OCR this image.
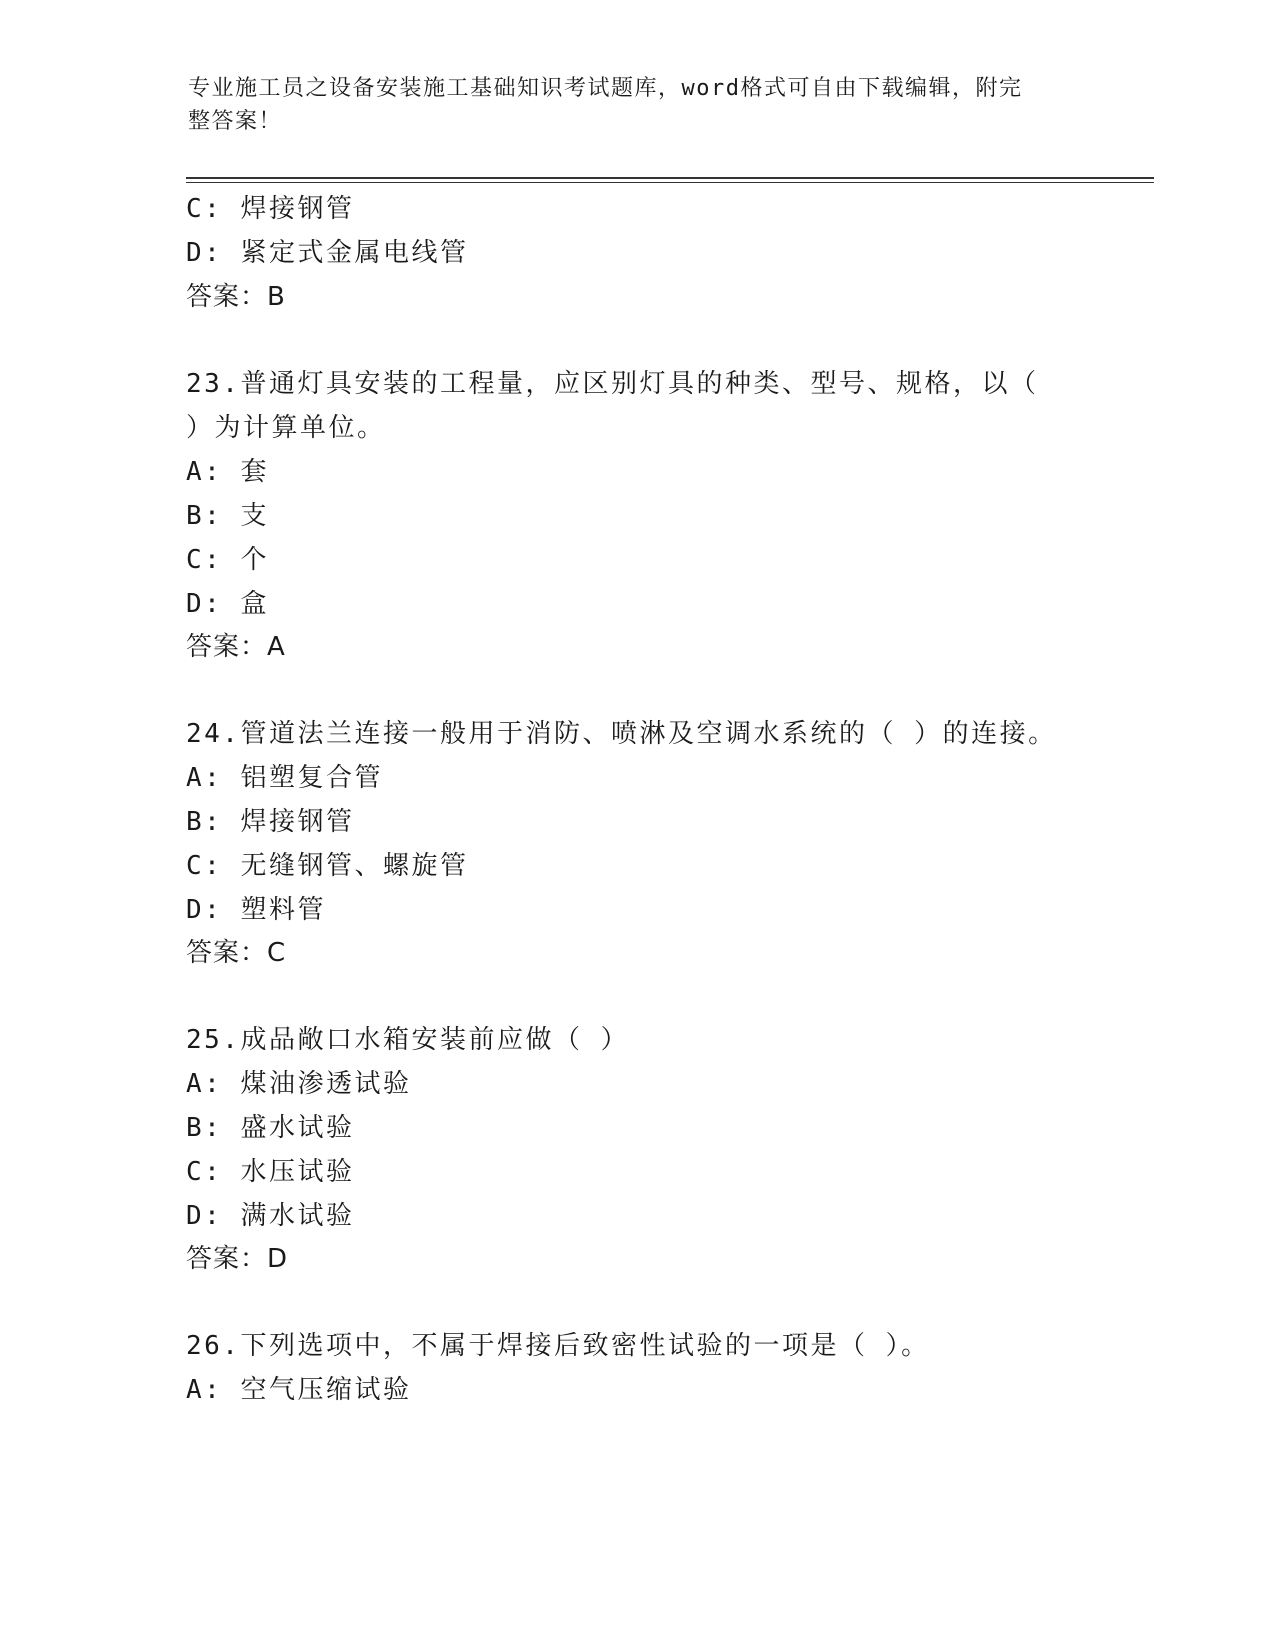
专业施工员之设备安装施工基础知识考试题库，word格式可自由下载编辑，附完
整答案！
C: 焊接钢管
D: 紧定式金属电线管
答案：B
23.普通灯具安装的工程量，应区别灯具的种类、型号、规格，以（
）为计算单位。
A: 套
B: 支
C: 个
D: 盒
答案：A
24.管道法兰连接一般用于消防、喷淋及空调水系统的（ ）的连接。
A: 铝塑复合管
B: 焊接钢管
C: 无缝钢管、螺旋管
D: 塑料管
答案：C
25.成品敞口水箱安装前应做（ ）
A: 煤油渗透试验
B: 盛水试验
C: 水压试验
D: 满水试验
答案：D
26.下列选项中，不属于焊接后致密性试验的一项是（ ）。
A: 空气压缩试验
